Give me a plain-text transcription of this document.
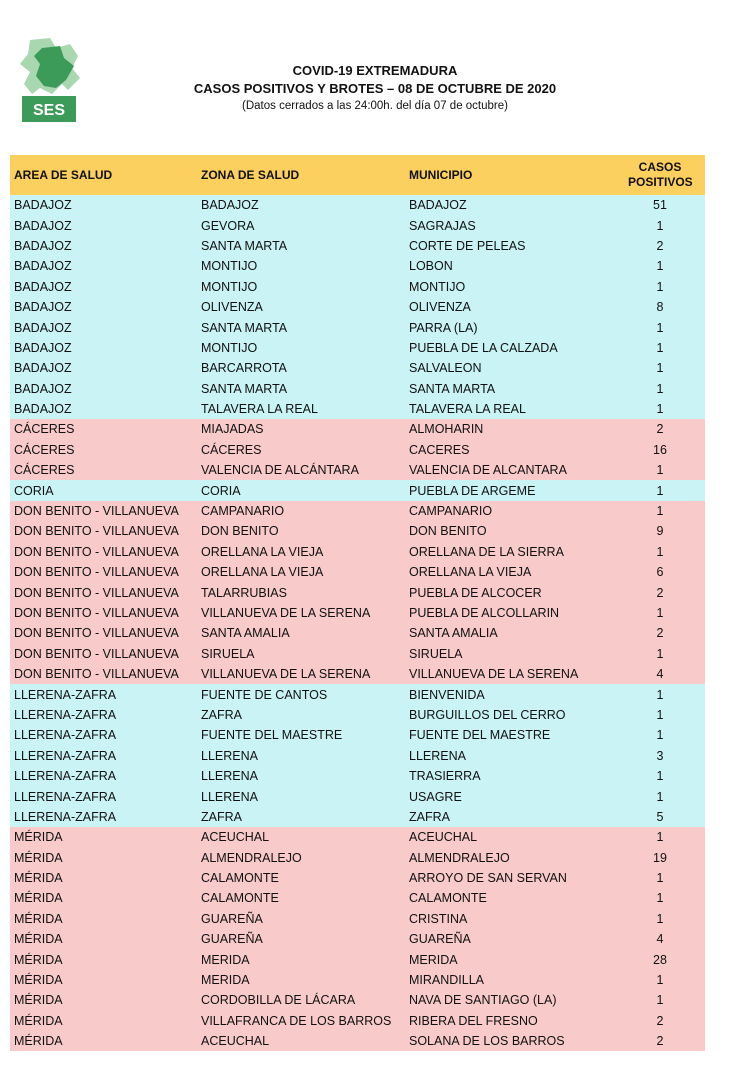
SES
COVID-19 EXTREMADURA
CASOS POSITIVOS Y BROTES – 08 DE OCTUBRE DE 2020
(Datos cerrados a las 24:00h. del día 07 de octubre)
AREA DE SALUD	ZONA DE SALUD	MUNICIPIO	CASOS POSITIVOS
BADAJOZ	BADAJOZ	BADAJOZ	51
BADAJOZ	GEVORA	SAGRAJAS	1
BADAJOZ	SANTA MARTA	CORTE DE PELEAS	2
BADAJOZ	MONTIJO	LOBON	1
BADAJOZ	MONTIJO	MONTIJO	1
BADAJOZ	OLIVENZA	OLIVENZA	8
BADAJOZ	SANTA MARTA	PARRA (LA)	1
BADAJOZ	MONTIJO	PUEBLA DE LA CALZADA	1
BADAJOZ	BARCARROTA	SALVALEON	1
BADAJOZ	SANTA MARTA	SANTA MARTA	1
BADAJOZ	TALAVERA LA REAL	TALAVERA LA REAL	1
CÁCERES	MIAJADAS	ALMOHARIN	2
CÁCERES	CÁCERES	CACERES	16
CÁCERES	VALENCIA DE ALCÁNTARA	VALENCIA DE ALCANTARA	1
CORIA	CORIA	PUEBLA DE ARGEME	1
DON BENITO - VILLANUEVA	CAMPANARIO	CAMPANARIO	1
DON BENITO - VILLANUEVA	DON BENITO	DON BENITO	9
DON BENITO - VILLANUEVA	ORELLANA LA VIEJA	ORELLANA DE LA SIERRA	1
DON BENITO - VILLANUEVA	ORELLANA LA VIEJA	ORELLANA LA VIEJA	6
DON BENITO - VILLANUEVA	TALARRUBIAS	PUEBLA DE ALCOCER	2
DON BENITO - VILLANUEVA	VILLANUEVA DE LA SERENA	PUEBLA DE ALCOLLARIN	1
DON BENITO - VILLANUEVA	SANTA AMALIA	SANTA AMALIA	2
DON BENITO - VILLANUEVA	SIRUELA	SIRUELA	1
DON BENITO - VILLANUEVA	VILLANUEVA DE LA SERENA	VILLANUEVA DE LA SERENA	4
LLERENA-ZAFRA	FUENTE DE CANTOS	BIENVENIDA	1
LLERENA-ZAFRA	ZAFRA	BURGUILLOS DEL CERRO	1
LLERENA-ZAFRA	FUENTE DEL MAESTRE	FUENTE DEL MAESTRE	1
LLERENA-ZAFRA	LLERENA	LLERENA	3
LLERENA-ZAFRA	LLERENA	TRASIERRA	1
LLERENA-ZAFRA	LLERENA	USAGRE	1
LLERENA-ZAFRA	ZAFRA	ZAFRA	5
MÉRIDA	ACEUCHAL	ACEUCHAL	1
MÉRIDA	ALMENDRALEJO	ALMENDRALEJO	19
MÉRIDA	CALAMONTE	ARROYO DE SAN SERVAN	1
MÉRIDA	CALAMONTE	CALAMONTE	1
MÉRIDA	GUAREÑA	CRISTINA	1
MÉRIDA	GUAREÑA	GUAREÑA	4
MÉRIDA	MERIDA	MERIDA	28
MÉRIDA	MERIDA	MIRANDILLA	1
MÉRIDA	CORDOBILLA DE LÁCARA	NAVA DE SANTIAGO (LA)	1
MÉRIDA	VILLAFRANCA DE LOS BARROS	RIBERA DEL FRESNO	2
MÉRIDA	ACEUCHAL	SOLANA DE LOS BARROS	2
